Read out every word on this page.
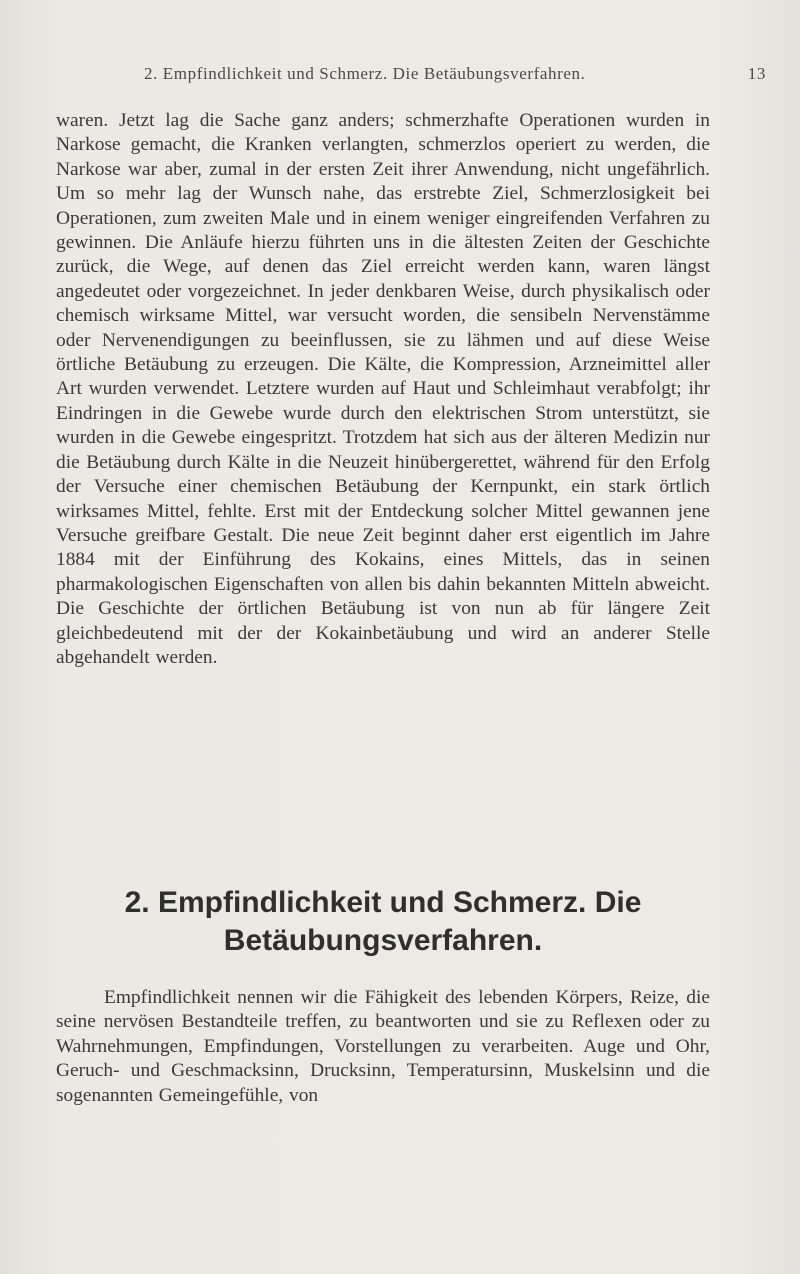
2. Empfindlichkeit und Schmerz. Die Betäubungsverfahren.	13

waren. Jetzt lag die Sache ganz anders; schmerzhafte Operationen wurden in Narkose gemacht, die Kranken verlangten, schmerzlos operiert zu werden, die Narkose war aber, zumal in der ersten Zeit ihrer Anwendung, nicht ungefährlich. Um so mehr lag der Wunsch nahe, das erstrebte Ziel, Schmerzlosigkeit bei Operationen, zum zweiten Male und in einem weniger eingreifenden Verfahren zu gewinnen. Die Anläufe hierzu führten uns in die ältesten Zeiten der Geschichte zurück, die Wege, auf denen das Ziel erreicht werden kann, waren längst angedeutet oder vorgezeichnet. In jeder denkbaren Weise, durch physikalisch oder chemisch wirksame Mittel, war versucht worden, die sensibeln Nervenstämme oder Nervenendigungen zu beeinflussen, sie zu lähmen und auf diese Weise örtliche Betäubung zu erzeugen. Die Kälte, die Kompression, Arzneimittel aller Art wurden verwendet. Letztere wurden auf Haut und Schleimhaut verabfolgt; ihr Eindringen in die Gewebe wurde durch den elektrischen Strom unterstützt, sie wurden in die Gewebe eingespritzt. Trotzdem hat sich aus der älteren Medizin nur die Betäubung durch Kälte in die Neuzeit hinübergerettet, während für den Erfolg der Versuche einer chemischen Betäubung der Kernpunkt, ein stark örtlich wirksames Mittel, fehlte. Erst mit der Entdeckung solcher Mittel gewannen jene Versuche greifbare Gestalt. Die neue Zeit beginnt daher erst eigentlich im Jahre 1884 mit der Einführung des Kokains, eines Mittels, das in seinen pharmakologischen Eigenschaften von allen bis dahin bekannten Mitteln abweicht. Die Geschichte der örtlichen Betäubung ist von nun ab für längere Zeit gleichbedeutend mit der der Kokainbetäubung und wird an anderer Stelle abgehandelt werden.

2. Empfindlichkeit und Schmerz. Die Betäubungsverfahren.

Empfindlichkeit nennen wir die Fähigkeit des lebenden Körpers, Reize, die seine nervösen Bestandteile treffen, zu beantworten und sie zu Reflexen oder zu Wahrnehmungen, Empfindungen, Vorstellungen zu verarbeiten. Auge und Ohr, Geruch- und Geschmacksinn, Drucksinn, Temperatursinn, Muskelsinn und die sogenannten Gemeingefühle, von
